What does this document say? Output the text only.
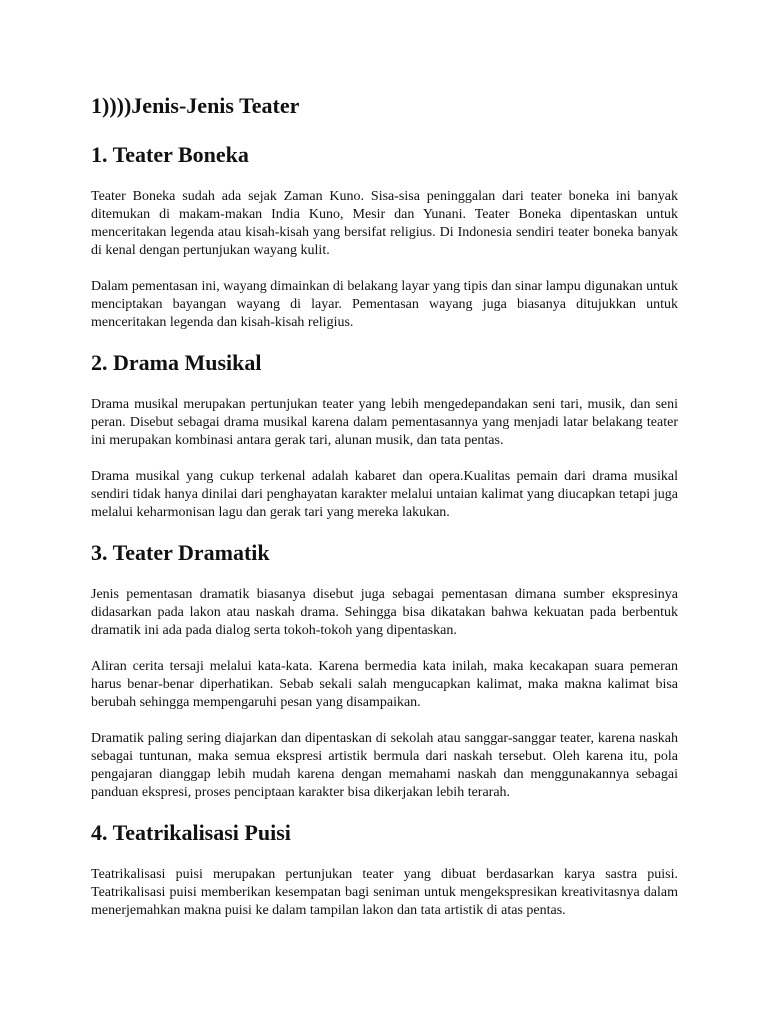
1))))Jenis-Jenis Teater
1. Teater Boneka

Teater Boneka sudah ada sejak Zaman Kuno. Sisa-sisa peninggalan dari teater boneka ini banyak ditemukan di makam-makan India Kuno, Mesir dan Yunani. Teater Boneka dipentaskan untuk menceritakan legenda atau kisah-kisah yang bersifat religius. Di Indonesia sendiri teater boneka banyak di kenal dengan pertunjukan wayang kulit.

Dalam pementasan ini, wayang dimainkan di belakang layar yang tipis dan sinar lampu digunakan untuk menciptakan bayangan wayang di layar. Pementasan wayang juga biasanya ditujukkan untuk menceritakan legenda dan kisah-kisah religius.

2. Drama Musikal

Drama musikal merupakan pertunjukan teater yang lebih mengedepandakan seni tari, musik, dan seni peran. Disebut sebagai drama musikal karena dalam pementasannya yang menjadi latar belakang teater ini merupakan kombinasi antara gerak tari, alunan musik, dan tata pentas.

Drama musikal yang cukup terkenal adalah kabaret dan opera.Kualitas pemain dari drama musikal sendiri tidak hanya dinilai dari penghayatan karakter melalui untaian kalimat yang diucapkan tetapi juga melalui keharmonisan lagu dan gerak tari yang mereka lakukan.

3. Teater Dramatik

Jenis pementasan dramatik biasanya disebut juga sebagai pementasan dimana sumber ekspresinya didasarkan pada lakon atau naskah drama. Sehingga bisa dikatakan bahwa kekuatan pada berbentuk dramatik ini ada pada dialog serta tokoh-tokoh yang dipentaskan.

Aliran cerita tersaji melalui kata-kata. Karena bermedia kata inilah, maka kecakapan suara pemeran harus benar-benar diperhatikan. Sebab sekali salah mengucapkan kalimat, maka makna kalimat bisa berubah sehingga mempengaruhi pesan yang disampaikan.

Dramatik paling sering diajarkan dan dipentaskan di sekolah atau sanggar-sanggar teater, karena naskah sebagai tuntunan, maka semua ekspresi artistik bermula dari naskah tersebut. Oleh karena itu, pola pengajaran dianggap lebih mudah karena dengan memahami naskah dan menggunakannya sebagai panduan ekspresi, proses penciptaan karakter bisa dikerjakan lebih terarah.

4. Teatrikalisasi Puisi

Teatrikalisasi puisi merupakan pertunjukan teater yang dibuat berdasarkan karya sastra puisi. Teatrikalisasi puisi memberikan kesempatan bagi seniman untuk mengekspresikan kreativitasnya dalam menerjemahkan makna puisi ke dalam tampilan lakon dan tata artistik di atas pentas.
